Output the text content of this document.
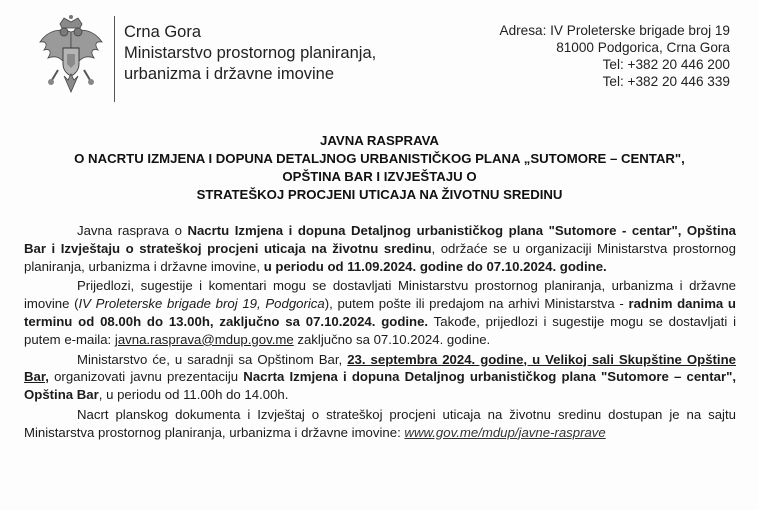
Crna Gora
Ministarstvo prostornog planiranja,
urbanizma i državne imovine
Adresa: IV Proleterske brigade broj 19
81000 Podgorica, Crna Gora
Tel: +382 20 446 200
Tel: +382 20 446 339
JAVNA RASPRAVA
O NACRTU IZMJENA I DOPUNA DETALJNOG URBANISTIČKOG PLANA „SUTOMORE – CENTAR",
OPŠTINA BAR I IZVJEŠTAJU O
STRATEŠKOJ PROCJENI UTICAJA NA ŽIVOTNU SREDINU

Javna rasprava o Nacrtu Izmjena i dopuna Detaljnog urbanističkog plana "Sutomore - centar", Opština Bar i Izvještaju o strateškoj procjeni uticaja na životnu sredinu, održaće se u organizaciji Ministarstva prostornog planiranja, urbanizma i državne imovine, u periodu od 11.09.2024. godine do 07.10.2024. godine.

Prijedlozi, sugestije i komentari mogu se dostavljati Ministarstvu prostornog planiranja, urbanizma i državne imovine (IV Proleterske brigade broj 19, Podgorica), putem pošte ili predajom na arhivi Ministarstva - radnim danima u terminu od 08.00h do 13.00h, zaključno sa 07.10.2024. godine. Takođe, prijedlozi i sugestije mogu se dostavljati i putem e-maila: javna.rasprava@mdup.gov.me zaključno sa 07.10.2024. godine.

Ministarstvo će, u saradnji sa Opštinom Bar, 23. septembra 2024. godine, u Velikoj sali Skupštine Opštine Bar, organizovati javnu prezentaciju Nacrta Izmjena i dopuna Detaljnog urbanističkog plana "Sutomore – centar", Opština Bar, u periodu od 11.00h do 14.00h.

Nacrt planskog dokumenta i Izvještaj o strateškoj procjeni uticaja na životnu sredinu dostupan je na sajtu Ministarstva prostornog planiranja, urbanizma i državne imovine: www.gov.me/mdup/javne-rasprave
